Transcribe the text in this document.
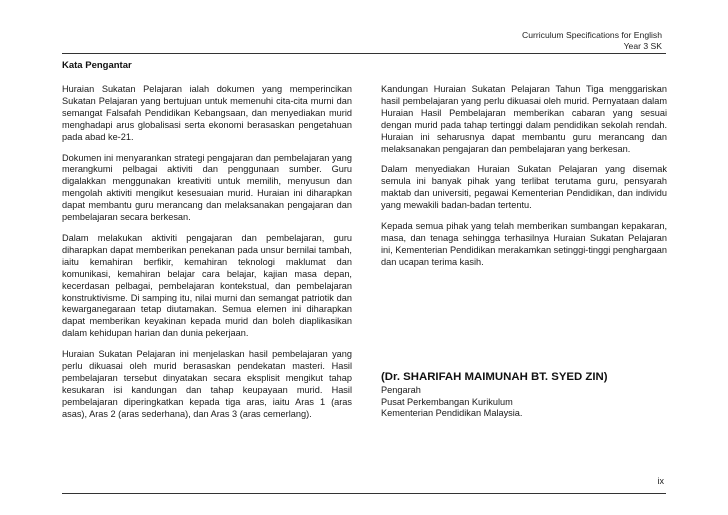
Curriculum Specifications for English
Year 3 SK
Kata Pengantar

Huraian Sukatan Pelajaran ialah dokumen yang memperincikan Sukatan Pelajaran yang bertujuan untuk memenuhi cita-cita murni dan semangat Falsafah Pendidikan Kebangsaan, dan menyediakan murid menghadapi arus globalisasi serta ekonomi berasaskan pengetahuan pada abad ke-21.

Dokumen ini menyarankan strategi pengajaran dan pembelajaran yang merangkumi pelbagai aktiviti dan penggunaan sumber. Guru digalakkan menggunakan kreativiti untuk memilih, menyusun dan mengolah aktiviti mengikut kesesuaian murid. Huraian ini diharapkan dapat membantu guru merancang dan melaksanakan pengajaran dan pembelajaran secara berkesan.

Dalam melakukan aktiviti pengajaran dan pembelajaran, guru diharapkan dapat memberikan penekanan pada unsur bernilai tambah, iaitu kemahiran berfikir, kemahiran teknologi maklumat dan komunikasi, kemahiran belajar cara belajar, kajian masa depan, kecerdasan pelbagai, pembelajaran kontekstual, dan pembelajaran konstruktivisme. Di samping itu, nilai murni dan semangat patriotik dan kewarganegaraan tetap diutamakan. Semua elemen ini diharapkan dapat memberikan keyakinan kepada murid dan boleh diaplikasikan dalam kehidupan harian dan dunia pekerjaan.

Huraian Sukatan Pelajaran ini menjelaskan hasil pembelajaran yang perlu dikuasai oleh murid berasaskan pendekatan masteri. Hasil pembelajaran tersebut dinyatakan secara eksplisit mengikut tahap kesukaran isi kandungan dan tahap keupayaan murid. Hasil pembelajaran diperingkatkan kepada tiga aras, iaitu Aras 1 (aras asas), Aras 2 (aras sederhana), dan Aras 3 (aras cemerlang).

Kandungan Huraian Sukatan Pelajaran Tahun Tiga menggariskan hasil pembelajaran yang perlu dikuasai oleh murid. Pernyataan dalam Huraian Hasil Pembelajaran memberikan cabaran yang sesuai dengan murid pada tahap tertinggi dalam pendidikan sekolah rendah. Huraian ini seharusnya dapat membantu guru merancang dan melaksanakan pengajaran dan pembelajaran yang berkesan.

Dalam menyediakan Huraian Sukatan Pelajaran yang disemak semula ini banyak pihak yang terlibat terutama guru, pensyarah maktab dan universiti, pegawai Kementerian Pendidikan, dan individu yang mewakili badan-badan tertentu.

Kepada semua pihak yang telah memberikan sumbangan kepakaran, masa, dan tenaga sehingga terhasilnya Huraian Sukatan Pelajaran ini, Kementerian Pendidikan merakamkan setinggi-tinggi penghargaan dan ucapan terima kasih.

(Dr. SHARIFAH MAIMUNAH BT. SYED ZIN)
Pengarah
Pusat Perkembangan Kurikulum
Kementerian Pendidikan Malaysia.
ix
